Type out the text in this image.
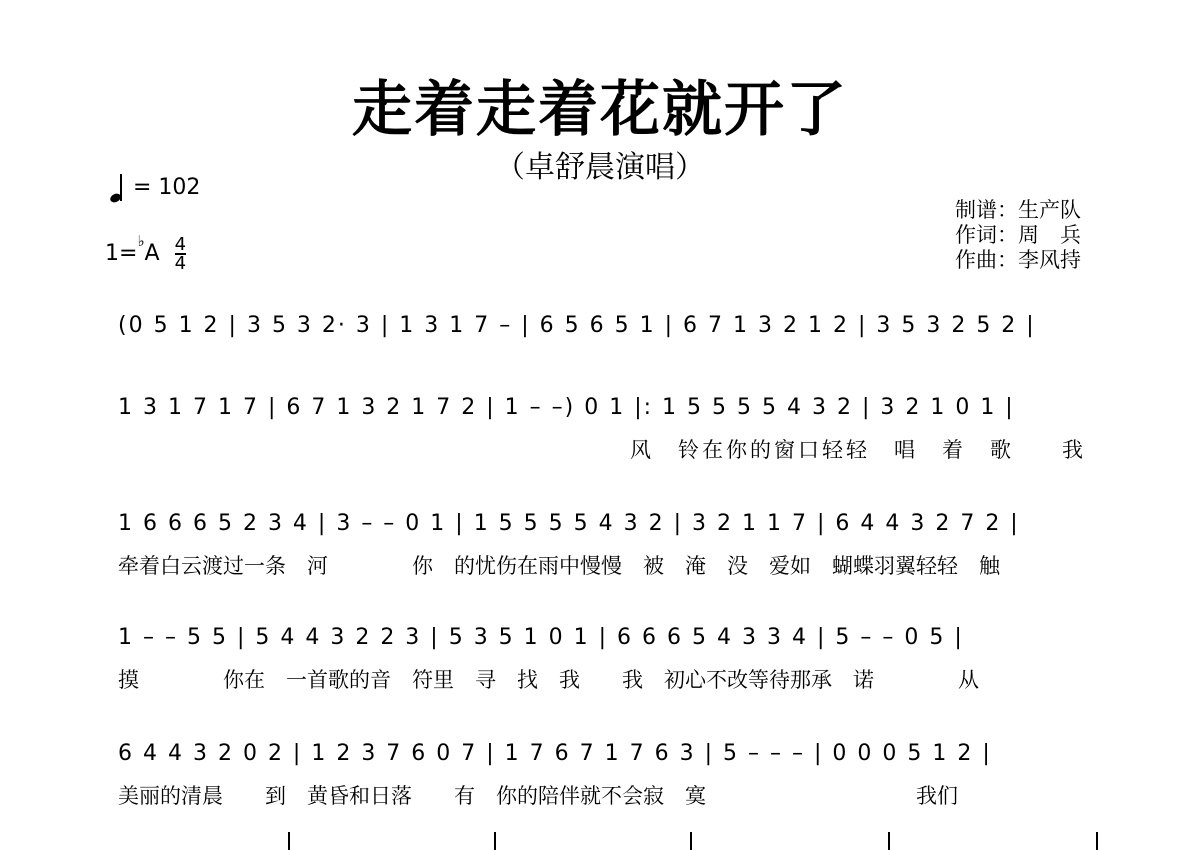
走着走着花就开了
（卓舒晨演唱）
= 102
$1=^♭A \frac{4}{4}$
制谱：生产队
作词：周　兵
作曲：李风持
(0 5 1 2 | 3 5 3 2· 3 | 1 3 1 7 – | 6 5 6 5 1 | 6 7 1 3 2 1 2 | 3 5 3 2 5 2 |
1 3 1 7 1 7 | 6 7 1 3 2 1 7 2 | 1 – –) 0 1 |: 1 5 5 5 5 4 3 2 | 3 2 1 0 1 |
风　铃在你的窗口轻轻　唱　着　歌　　我
1 6 6 6 5 2 3 4 | 3 – – 0 1 | 1 5 5 5 5 4 3 2 | 3 2 1 1 7 | 6 4 4 3 2 7 2 |
牵着白云渡过一条　河　　　　你　的忧伤在雨中慢慢　被　淹　没　爱如　蝴蝶羽翼轻轻　触
1 – – 5 5 | 5 4 4 3 2 2 3 | 5 3 5 1 0 1 | 6 6 6 5 4 3 3 4 | 5 – – 0 5 |
摸　　　　你在　一首歌的音　符里　寻　找　我　　我　初心不改等待那承　诺　　　　从
6 4 4 3 2 0 2 | 1 2 3 7 6 0 7 | 1 7 6 7 1 7 6 3 | 5 – – – | 0 0 0 5 1 2 |
美丽的清晨　　到　黄昏和日落　　有　你的陪伴就不会寂　寞　　　　　　　　　　我们
